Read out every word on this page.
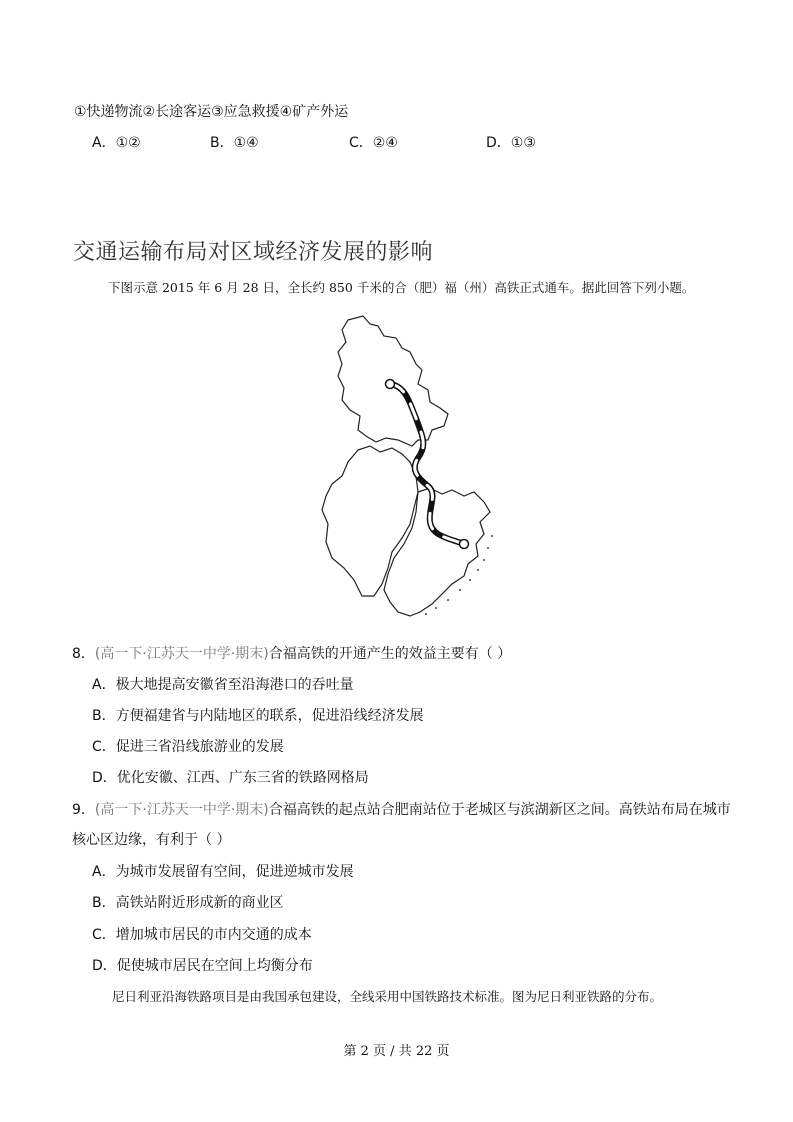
①快递物流②长途客运③应急救援④矿产外运
A．①②	B．①④	C．②④	D．①③
交通运输布局对区域经济发展的影响
下图示意 2015 年 6 月 28 日，全长约 850 千米的合（肥）福（州）高铁正式通车。据此回答下列小题。
8．(高一下·江苏天一中学·期末)合福高铁的开通产生的效益主要有（ ）
A．极大地提高安徽省至沿海港口的吞吐量
B．方便福建省与内陆地区的联系，促进沿线经济发展
C．促进三省沿线旅游业的发展
D．优化安徽、江西、广东三省的铁路网格局
9．(高一下·江苏天一中学·期末)合福高铁的起点站合肥南站位于老城区与滨湖新区之间。高铁站布局在城市
核心区边缘，有利于（ ）
A．为城市发展留有空间，促进逆城市发展
B．高铁站附近形成新的商业区
C．增加城市居民的市内交通的成本
D．促使城市居民在空间上均衡分布
尼日利亚沿海铁路项目是由我国承包建设，全线采用中国铁路技术标准。图为尼日利亚铁路的分布。
第 2 页 / 共 22 页
